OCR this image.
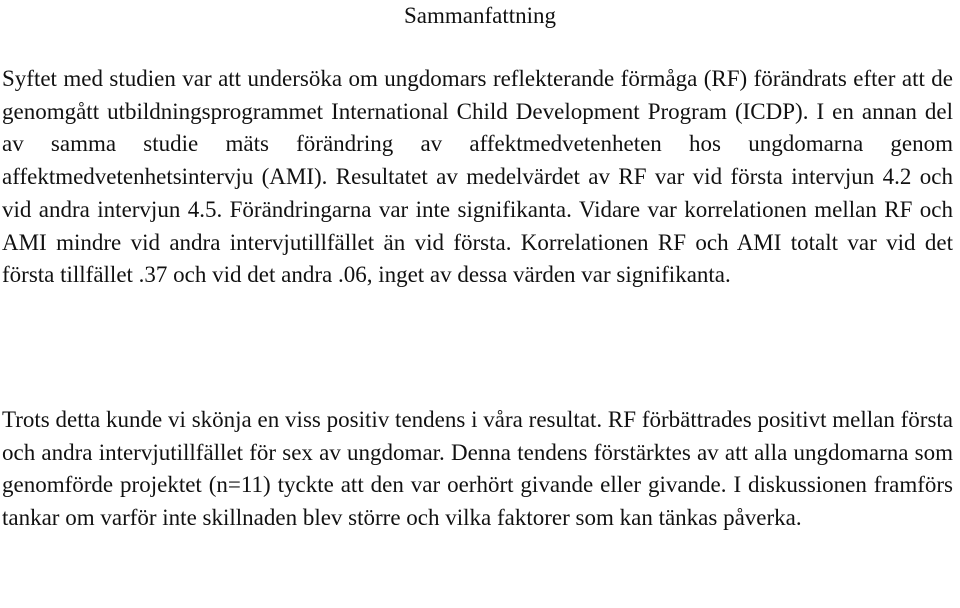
Sammanfattning

Syftet med studien var att undersöka om ungdomars reflekterande förmåga (RF) förändrats efter att de genomgått utbildningsprogrammet International Child Development Program (ICDP). I en annan del av samma studie mäts förändring av affektmedvetenheten hos ungdomarna genom affektmedvetenhetsintervju (AMI). Resultatet av medelvärdet av RF var vid första intervjun 4.2 och vid andra intervjun 4.5. Förändringarna var inte signifikanta. Vidare var korrelationen mellan RF och AMI mindre vid andra intervjutillfället än vid första. Korrelationen RF och AMI totalt var vid det första tillfället .37 och vid det andra .06, inget av dessa värden var signifikanta.

Trots detta kunde vi skönja en viss positiv tendens i våra resultat. RF förbättrades positivt mellan första och andra intervjutillfället för sex av ungdomar. Denna tendens förstärktes av att alla ungdomarna som genomförde projektet (n=11) tyckte att den var oerhört givande eller givande. I diskussionen framförs tankar om varför inte skillnaden blev större och vilka faktorer som kan tänkas påverka.
